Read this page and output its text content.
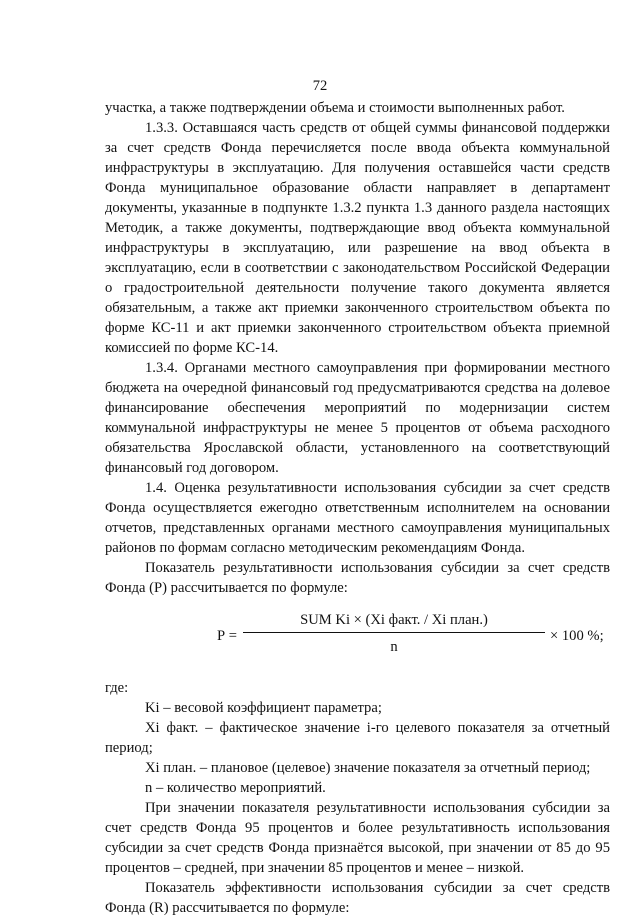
72

участка, а также подтверждении объема и стоимости выполненных работ.

1.3.3. Оставшаяся часть средств от общей суммы финансовой поддержки за счет средств Фонда перечисляется после ввода объекта коммунальной инфраструктуры в эксплуатацию. Для получения оставшейся части средств Фонда муниципальное образование области направляет в департамент документы, указанные в подпункте 1.3.2 пункта 1.3 данного раздела настоящих Методик, а также документы, подтверждающие ввод объекта коммунальной инфраструктуры в эксплуатацию, или разрешение на ввод объекта в эксплуатацию, если в соответствии с законодательством Российской Федерации о градостроительной деятельности получение такого документа является обязательным, а также акт приемки законченного строительством объекта по форме КС-11 и акт приемки законченного строительством объекта приемной комиссией по форме КС-14.

1.3.4. Органами местного самоуправления при формировании местного бюджета на очередной финансовый год предусматриваются средства на долевое финансирование обеспечения мероприятий по модернизации систем коммунальной инфраструктуры не менее 5 процентов от объема расходного обязательства Ярославской области, установленного на соответствующий финансовый год договором.

1.4. Оценка результативности использования субсидии за счет средств Фонда осуществляется ежегодно ответственным исполнителем на основании отчетов, представленных органами местного самоуправления муниципальных районов по формам согласно методическим рекомендациям Фонда.

Показатель результативности использования субсидии за счет средств Фонда (Р) рассчитывается по формуле:

Р =
SUM Ki × (Xi факт. / Xi план.)
n
× 100 %;

где:

Ki – весовой коэффициент параметра;

Xi факт. – фактическое значение i-го целевого показателя за отчетный период;

Xi план. – плановое (целевое) значение показателя за отчетный период;

n – количество мероприятий.

При значении показателя результативности использования субсидии за счет средств Фонда 95 процентов и более результативность использования субсидии за счет средств Фонда признаётся высокой, при значении от 85 до 95 процентов – средней, при значении 85 процентов и менее – низкой.

Показатель эффективности использования субсидии за счет средств Фонда (R) рассчитывается по формуле:
